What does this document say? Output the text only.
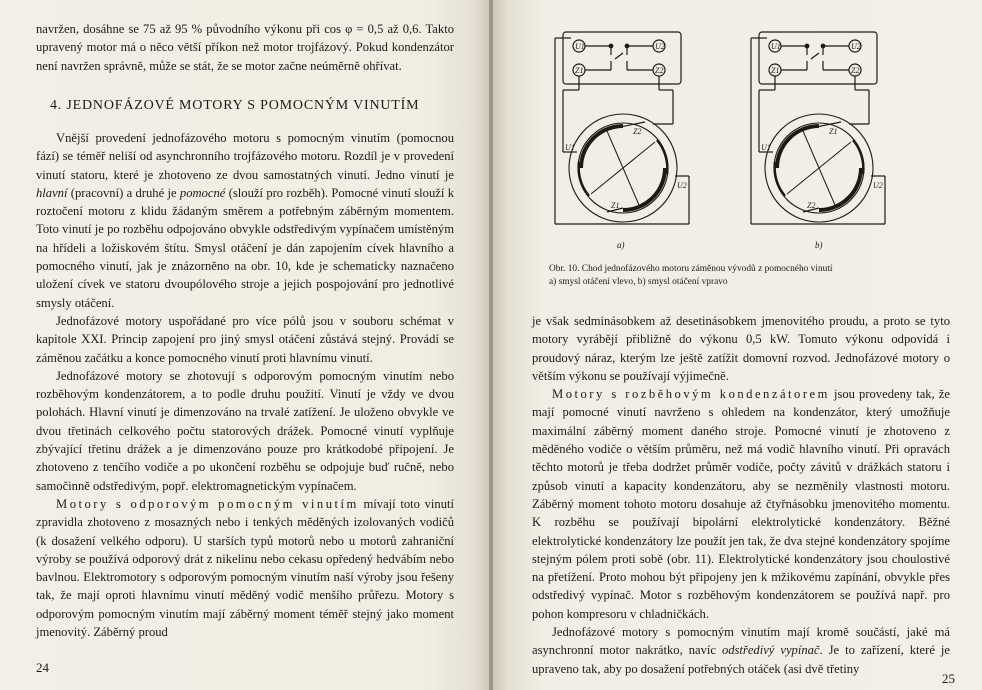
navržen, dosáhne se 75 až 95 % původního výkonu při cos φ = 0,5 až 0,6. Takto upravený motor má o něco větší příkon než motor trojfázový. Pokud kondenzátor není navržen správně, může se stát, že se motor začne neúměrně ohřívat.

4. JEDNOFÁZOVÉ MOTORY S POMOCNÝM VINUTÍM

Vnější provedení jednofázového motoru s pomocným vinutím (pomocnou fází) se téměř neliší od asynchronního trojfázového motoru. Rozdíl je v provedení vinutí statoru, které je zhotoveno ze dvou samostatných vinutí. Jedno vinutí je hlavní (pracovní) a druhé je pomocné (slouží pro rozběh). Pomocné vinutí slouží k roztočení motoru z klidu žádaným směrem a potřebným záběrným momentem. Toto vinutí je po rozběhu odpojováno obvykle odstředivým vypínačem umístěným na hřídeli a ložiskovém štítu. Smysl otáčení je dán zapojením cívek hlavního a pomocného vinutí, jak je znázorněno na obr. 10, kde je schematicky naznačeno uložení cívek ve statoru dvoupólového stroje a jejich pospojování pro jednotlivé smysly otáčení.

Jednofázové motory uspořádané pro více pólů jsou v souboru schémat v kapitole XXI. Princip zapojení pro jiný smysl otáčení zůstává stejný. Provádí se záměnou začátku a konce pomocného vinutí proti hlavnímu vinutí.

Jednofázové motory se zhotovují s odporovým pomocným vinutím nebo rozběhovým kondenzátorem, a to podle druhu použití. Vinutí je vždy ve dvou polohách. Hlavní vinutí je dimenzováno na trvalé zatížení. Je uloženo obvykle ve dvou třetinách celkového počtu statorových drážek. Pomocné vinutí vyplňuje zbývající třetinu drážek a je dimenzováno pouze pro krátkodobé připojení. Je zhotoveno z tenčího vodiče a po ukončení rozběhu se odpojuje buď ručně, nebo samočinně odstředivým, popř. elektromagnetickým vypínačem.

Motory s odporovým pomocným vinutím mívají toto vinutí zpravidla zhotoveno z mosazných nebo i tenkých měděných izolovaných vodičů (k dosažení velkého odporu). U starších typů motorů nebo u motorů zahraniční výroby se používá odporový drát z nikelinu nebo cekasu opředený hedvábím nebo bavlnou. Elektromotory s odporovým pomocným vinutím naší výroby jsou řešeny tak, že mají oproti hlavnímu vinutí měděný vodič menšího průřezu. Motory s odporovým pomocným vinutím mají záběrný moment téměř stejný jako moment jmenovitý. Záběrný proud

24
U1	U2
Z1	Z2
U1
U2
Z1
Z2
a)
U1	U2
Z1	Z2
U1
U2
Z1
Z2
b)
Obr. 10. Chod jednofázového motoru záměnou vývodů z pomocného vinutí
a) smysl otáčení vlevo, b) smysl otáčení vpravo

je však sedminásobkem až desetinásobkem jmenovitého proudu, a proto se tyto motory vyrábějí přibližně do výkonu 0,5 kW. Tomuto výkonu odpovídá i proudový náraz, kterým lze ještě zatížit domovní rozvod. Jednofázové motory o větším výkonu se používají výjimečně.

Motory s rozběhovým kondenzátorem jsou provedeny tak, že mají pomocné vinutí navrženo s ohledem na kondenzátor, který umožňuje maximální záběrný moment daného stroje. Pomocné vinutí je zhotoveno z měděného vodiče o větším průměru, než má vodič hlavního vinutí. Při opravách těchto motorů je třeba dodržet průměr vodiče, počty závitů v drážkách statoru i způsob vinutí a kapacity kondenzátoru, aby se nezměnily vlastnosti motoru. Záběrný moment tohoto motoru dosahuje až čtyřnásobku jmenovitého momentu. K rozběhu se používají bipolární elektrolytické kondenzátory. Běžné elektrolytické kondenzátory lze použít jen tak, že dva stejné kondenzátory spojíme stejným pólem proti sobě (obr. 11). Elektrolytické kondenzátory jsou choulostivé na přetížení. Proto mohou být připojeny jen k mžikovému zapínání, obvykle přes odstředivý vypínač. Motor s rozběhovým kondenzátorem se používá např. pro pohon kompresoru v chladničkách.

Jednofázové motory s pomocným vinutím mají kromě součástí, jaké má asynchronní motor nakrátko, navíc odstředivý vypínač. Je to zařízení, které je upraveno tak, aby po dosažení potřebných otáček (asi dvě třetiny

25
